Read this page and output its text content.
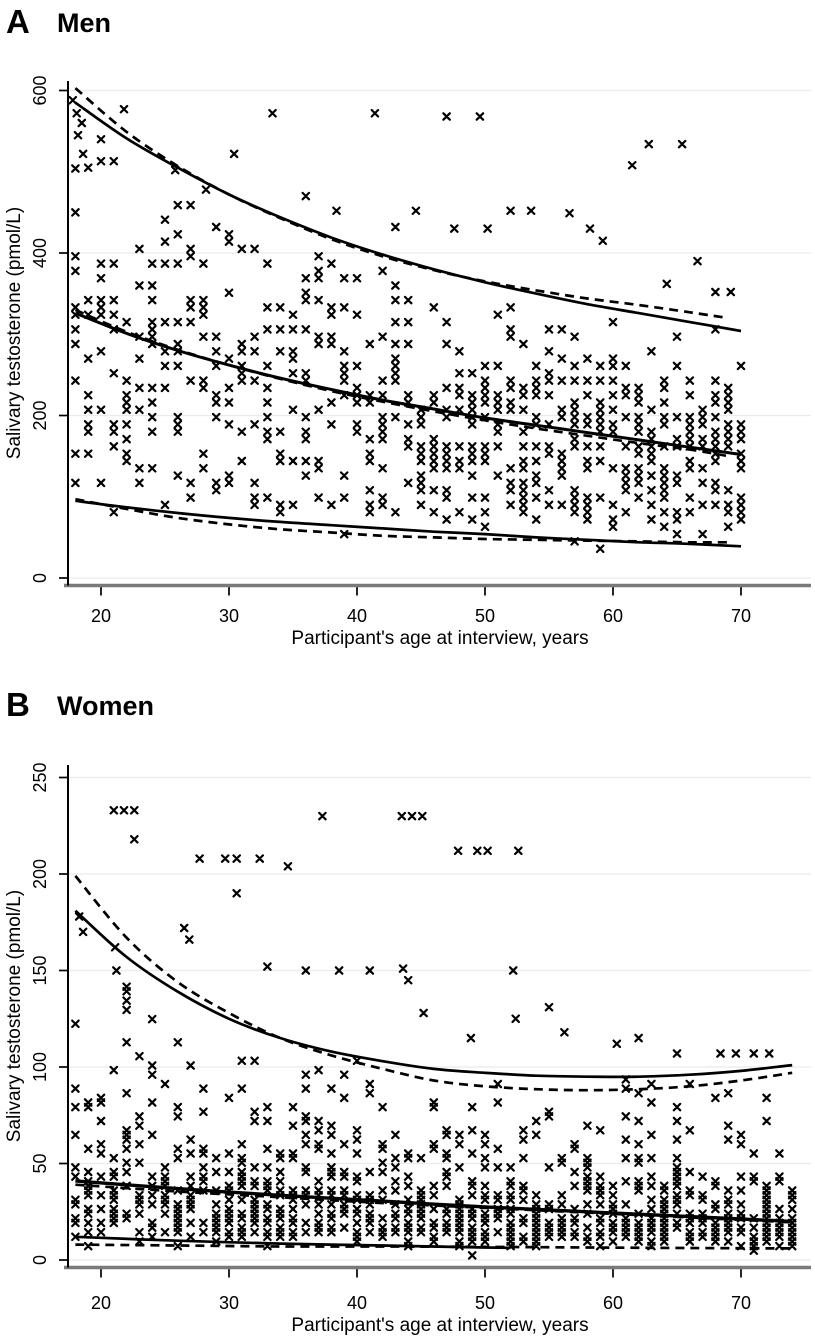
A Men
20	30	40	50	60	70
0
200
400
600
Participant's age at interview, years
Salivary testosterone (pmol/L)
B Women
20	30	40	50	60	70
0
50
100
150
200
250
Participant's age at interview, years
Salivary testosterone (pmol/L)
